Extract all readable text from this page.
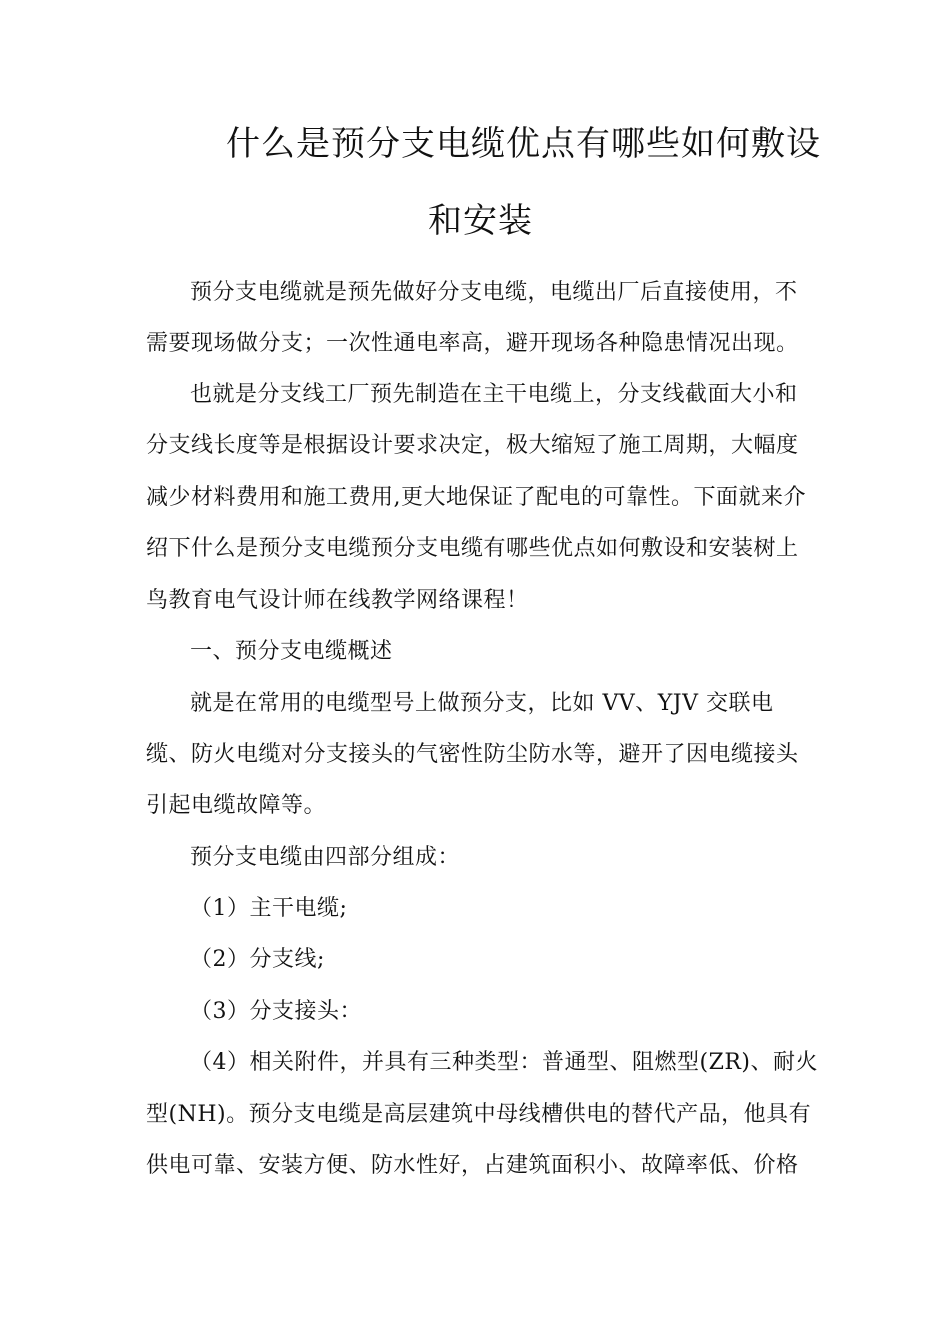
什么是预分支电缆优点有哪些如何敷设
和安装
预分支电缆就是预先做好分支电缆，电缆出厂后直接使用，不
需要现场做分支；一次性通电率高，避开现场各种隐患情况出现。
也就是分支线工厂预先制造在主干电缆上，分支线截面大小和
分支线长度等是根据设计要求决定，极大缩短了施工周期，大幅度
减少材料费用和施工费用,更大地保证了配电的可靠性。下面就来介
绍下什么是预分支电缆预分支电缆有哪些优点如何敷设和安装树上
鸟教育电气设计师在线教学网络课程！
一、预分支电缆概述
就是在常用的电缆型号上做预分支，比如 VV、YJV 交联电
缆、防火电缆对分支接头的气密性防尘防水等，避开了因电缆接头
引起电缆故障等。
预分支电缆由四部分组成：
（1）主干电缆;
（2）分支线;
（3）分支接头：
（4）相关附件，并具有三种类型：普通型、阻燃型(ZR)、耐火
型(NH)。预分支电缆是高层建筑中母线槽供电的替代产品，他具有
供电可靠、安装方便、防水性好，占建筑面积小、故障率低、价格
